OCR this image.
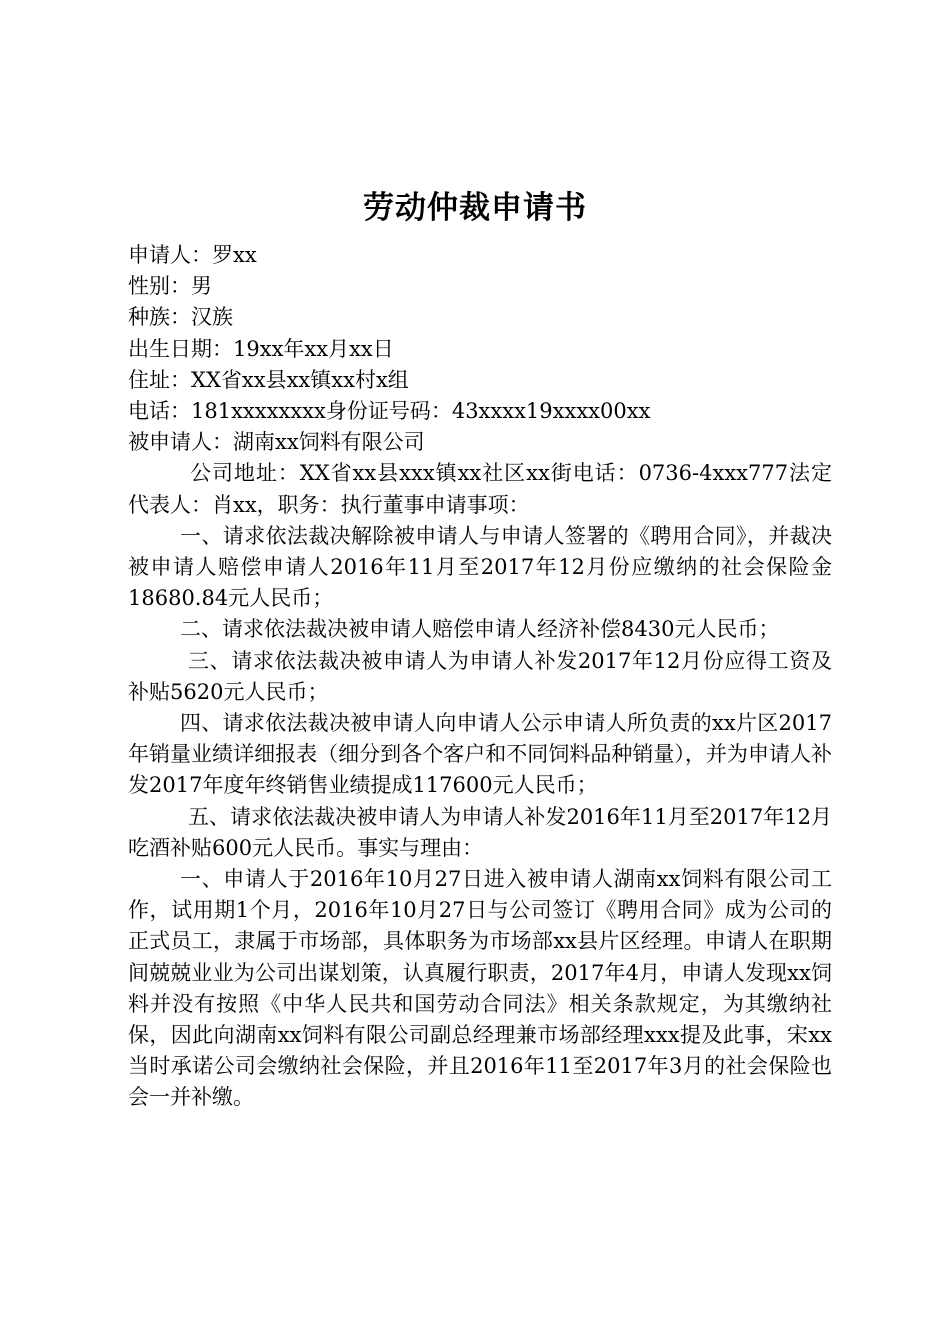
劳动仲裁申请书

申请人：罗xx

性别：男

种族：汉族

出生日期：19xx年xx月xx日

住址：XX省xx县xx镇xx村x组

电话：181xxxxxxxx身份证号码：43xxxx19xxxx00xx

被申请人：湖南xx饲料有限公司

公司地址：XX省xx县xxx镇xx社区xx街电话：0736-4xxx777法定代表人：肖xx，职务：执行董事申请事项：

一、请求依法裁决解除被申请人与申请人签署的《聘用合同》，并裁决被申请人赔偿申请人2016年11月至2017年12月份应缴纳的社会保险金18680.84元人民币；

二、请求依法裁决被申请人赔偿申请人经济补偿8430元人民币；

三、请求依法裁决被申请人为申请人补发2017年12月份应得工资及补贴5620元人民币；

四、请求依法裁决被申请人向申请人公示申请人所负责的xx片区2017年销量业绩详细报表（细分到各个客户和不同饲料品种销量），并为申请人补发2017年度年终销售业绩提成117600元人民币；

五、请求依法裁决被申请人为申请人补发2016年11月至2017年12月吃酒补贴600元人民币。事实与理由：

一、申请人于2016年10月27日进入被申请人湖南xx饲料有限公司工作，试用期1个月，2016年10月27日与公司签订《聘用合同》成为公司的正式员工，隶属于市场部，具体职务为市场部xx县片区经理。申请人在职期间兢兢业业为公司出谋划策，认真履行职责，2017年4月，申请人发现xx饲料并没有按照《中华人民共和国劳动合同法》相关条款规定，为其缴纳社保，因此向湖南xx饲料有限公司副总经理兼市场部经理xxx提及此事，宋xx当时承诺公司会缴纳社会保险，并且2016年11至2017年3月的社会保险也会一并补缴。
